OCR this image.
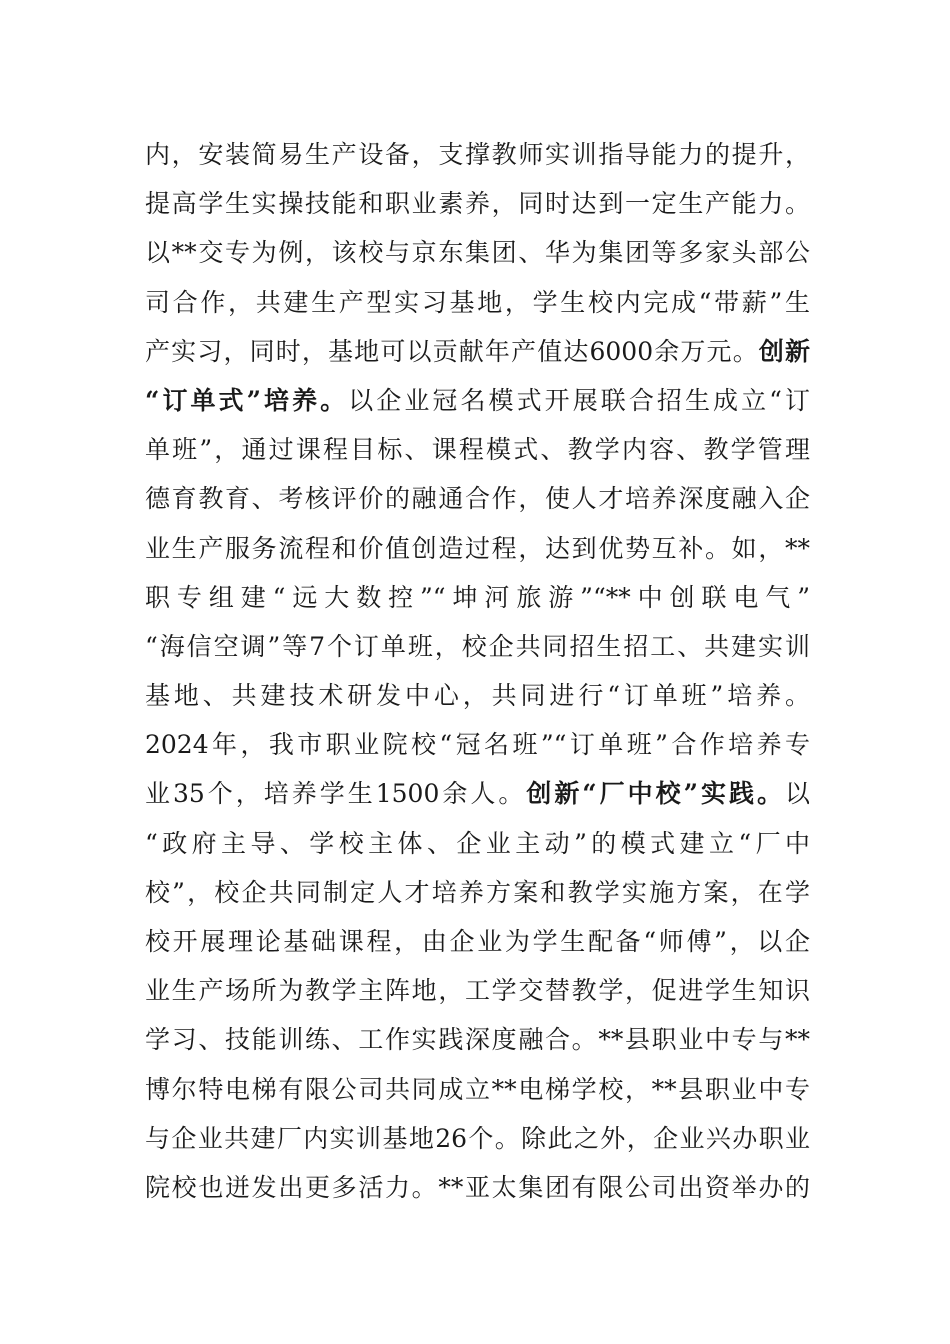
内，安装简易生产设备，支撑教师实训指导能力的提升，
提高学生实操技能和职业素养，同时达到一定生产能力。
以**交专为例，该校与京东集团、华为集团等多家头部公
司合作，共建生产型实习基地，学生校内完成“带薪”生
产实习，同时，基地可以贡献年产值达6000余万元。创新
“订单式”培养。以企业冠名模式开展联合招生成立“订
单班”，通过课程目标、课程模式、教学内容、教学管理
德育教育、考核评价的融通合作，使人才培养深度融入企
业生产服务流程和价值创造过程，达到优势互补。如，**
职专组建“远大数控”“坤河旅游”“**中创联电气”
“海信空调”等7个订单班，校企共同招生招工、共建实训
基地、共建技术研发中心，共同进行“订单班”培养。
2024年，我市职业院校“冠名班”“订单班”合作培养专
业35个，培养学生1500余人。创新“厂中校”实践。以
“政府主导、学校主体、企业主动”的模式建立“厂中
校”，校企共同制定人才培养方案和教学实施方案，在学
校开展理论基础课程，由企业为学生配备“师傅”，以企
业生产场所为教学主阵地，工学交替教学，促进学生知识
学习、技能训练、工作实践深度融合。**县职业中专与**
博尔特电梯有限公司共同成立**电梯学校，**县职业中专
与企业共建厂内实训基地26个。除此之外，企业兴办职业
院校也迸发出更多活力。**亚太集团有限公司出资举办的
